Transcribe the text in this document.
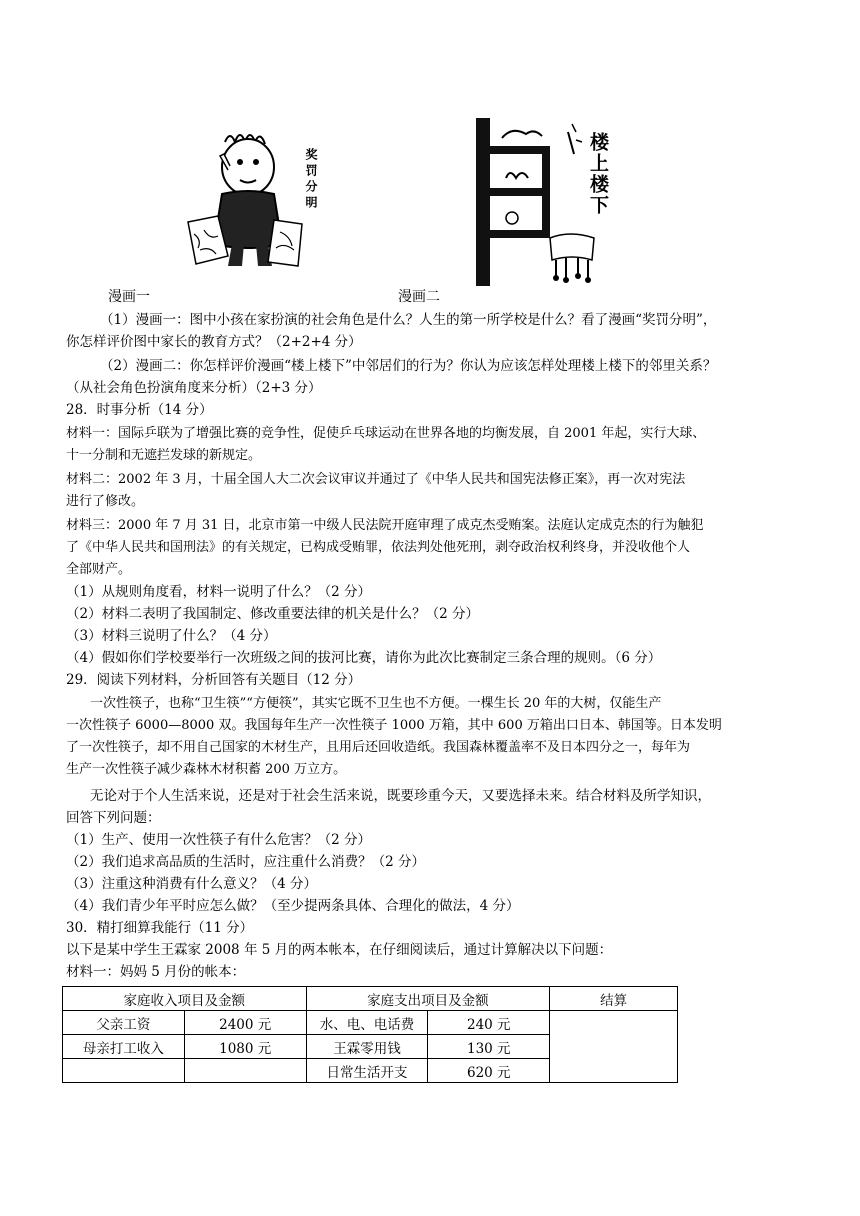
奖罚分明	楼上楼下
漫画一	漫画二
（1）漫画一：图中小孩在家扮演的社会角色是什么？人生的第一所学校是什么？看了漫画“奖罚分明”，
你怎样评价图中家长的教育方式？（2+2+4 分）
（2）漫画二：你怎样评价漫画“楼上楼下”中邻居们的行为？你认为应该怎样处理楼上楼下的邻里关系？
（从社会角色扮演角度来分析）（2+3 分）
28．时事分析（14 分）
材料一：国际乒联为了增强比赛的竞争性，促使乒乓球运动在世界各地的均衡发展，自 2001 年起，实行大球、
十一分制和无遮拦发球的新规定。
材料二：2002 年 3 月，十届全国人大二次会议审议并通过了《中华人民共和国宪法修正案》，再一次对宪法
进行了修改。
材料三：2000 年 7 月 31 日，北京市第一中级人民法院开庭审理了成克杰受贿案。法庭认定成克杰的行为触犯
了《中华人民共和国刑法》的有关规定，已构成受贿罪，依法判处他死刑，剥夺政治权利终身，并没收他个人
全部财产。
（1）从规则角度看，材料一说明了什么？（2 分）
（2）材料二表明了我国制定、修改重要法律的机关是什么？（2 分）
（3）材料三说明了什么？（4 分）
（4）假如你们学校要举行一次班级之间的拔河比赛，请你为此次比赛制定三条合理的规则。（6 分）
29．阅读下列材料，分析回答有关题目（12 分）
一次性筷子，也称“卫生筷”“方便筷”，其实它既不卫生也不方便。一棵生长 20 年的大树，仅能生产
一次性筷子 6000—8000 双。我国每年生产一次性筷子 1000 万箱，其中 600 万箱出口日本、韩国等。日本发明
了一次性筷子，却不用自己国家的木材生产，且用后还回收造纸。我国森林覆盖率不及日本四分之一，每年为
生产一次性筷子减少森林木材积蓄 200 万立方。
无论对于个人生活来说，还是对于社会生活来说，既要珍重今天，又要选择未来。结合材料及所学知识，
回答下列问题：
（1）生产、使用一次性筷子有什么危害？（2 分）
（2）我们追求高品质的生活时，应注重什么消费？（2 分）
（3）注重这种消费有什么意义？（4 分）
（4）我们青少年平时应怎么做？（至少提两条具体、合理化的做法，4 分）
30．精打细算我能行（11 分）
以下是某中学生王霖家 2008 年 5 月的两本帐本，在仔细阅读后，通过计算解决以下问题：
材料一：妈妈 5 月份的帐本：
家庭收入项目及金额		家庭支出项目及金额		结算
父亲工资	2400 元	水、电、电话费	240 元	
母亲打工收入	1080 元	王霖零用钱	130 元	
		日常生活开支	620 元	
